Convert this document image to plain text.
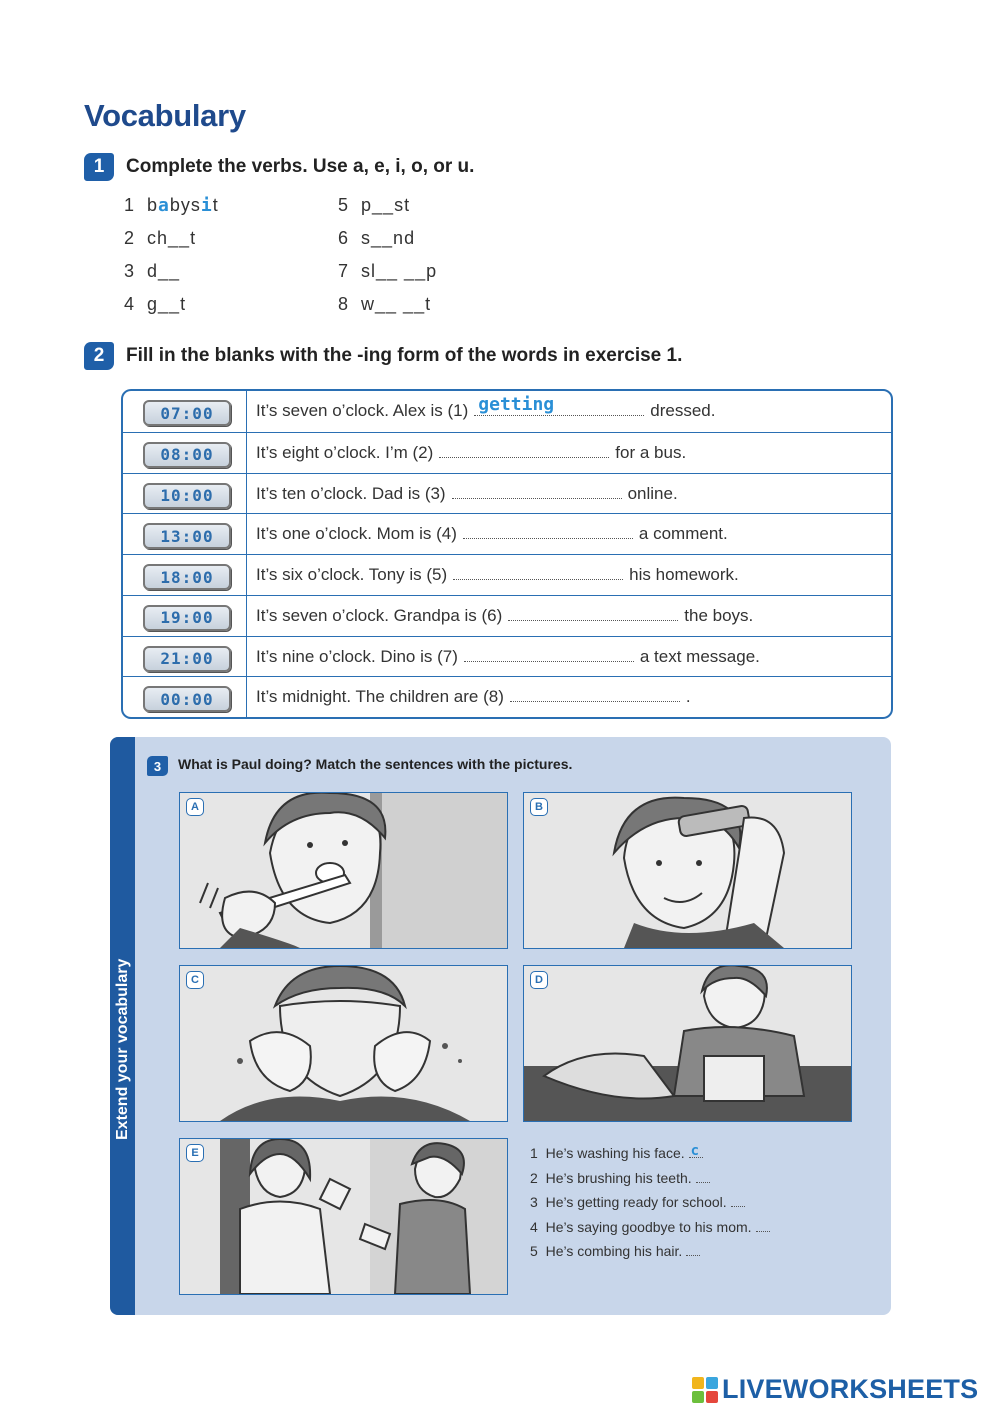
Vocabulary
1	Complete the verbs. Use a, e, i, o, or u.
1 babysit
2 ch__t
3 d__
4 g__t
5 p__st
6 s__nd
7 sl__ __p
8 w__ __t
2	Fill in the blanks with the -ing form of the words in exercise 1.
07:00 It’s seven o’clock. Alex is (1) getting	dressed.
08:00 It’s eight o’clock. I’m (2)	for a bus.
10:00 It’s ten o’clock. Dad is (3)	online.
13:00 It’s one o’clock. Mom is (4)	a comment.
18:00 It’s six o’clock. Tony is (5)	his homework.
19:00 It’s seven o’clock. Grandpa is (6)	the boys.
21:00 It’s nine o’clock. Dino is (7)	a text message.
00:00 It’s midnight. The children are (8)	.
Extend your vocabulary
3	What is Paul doing? Match the sentences with the pictures.
A	B
C	D
E	1 He’s washing his face. c
2 He’s brushing his teeth.
3 He’s getting ready for school.
4 He’s saying goodbye to his mom.
5 He’s combing his hair.
LIVEWORKSHEETS
